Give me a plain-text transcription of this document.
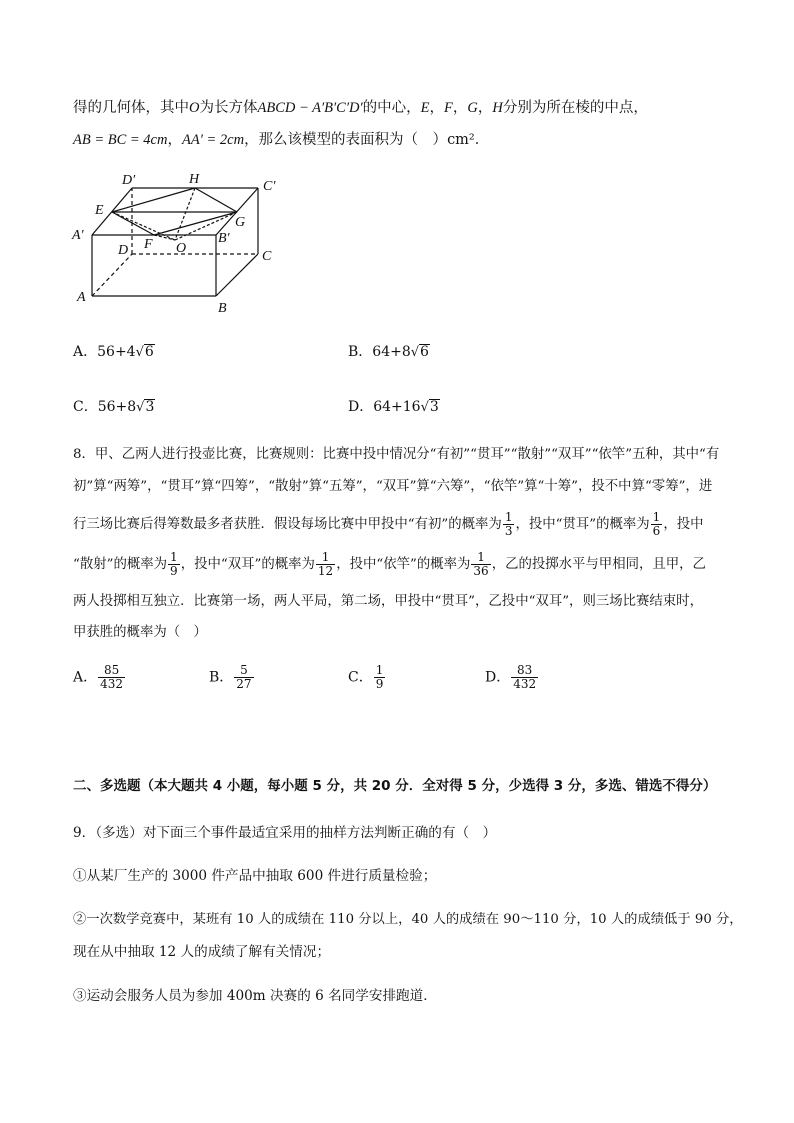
得的几何体，其中O为长方体ABCD − A′B′C′D′的中心，E，F，G，H分别为所在棱的中点，
AB = BC = 4cm，AA′ = 2cm，那么该模型的表面积为（　）cm²．
D′	H	C′
E
G
A′
D F O
B′
C
A
B
A．56+4√6	B．64+8√6
C．56+8√3	D．64+16√3
8．甲、乙两人进行投壶比赛，比赛规则：比赛中投中情况分“有初”“贯耳”“散射”“双耳”“依竿”五种，其中“有
初”算“两筹”，“贯耳”算“四筹”，“散射”算“五筹”，“双耳”算“六筹”，“依竿”算“十筹”，投不中算“零筹”，进
行三场比赛后得筹数最多者获胜．假设每场比赛中甲投中“有初”的概率为 $\frac{1}{3}$ ，投中“贯耳”的概率为 $\frac{1}{6}$ ，投中
“散射”的概率为 $\frac{1}{9}$ ，投中“双耳”的概率为 $\frac{1}{12}$ ，投中“依竿”的概率为 $\frac{1}{36}$ ，乙的投掷水平与甲相同，且甲，乙
两人投掷相互独立．比赛第一场，两人平局，第二场，甲投中“贯耳”，乙投中“双耳”，则三场比赛结束时，
甲获胜的概率为（　）
A． $\frac{85}{432}$	B． $\frac{5}{27}$	C． $\frac{1}{9}$	D． $\frac{83}{432}$
二、多选题（本大题共 4 小题，每小题 5 分，共 20 分．全对得 5 分，少选得 3 分，多选、错选不得分）
9．（多选）对下面三个事件最适宜采用的抽样方法判断正确的有（　）
①从某厂生产的 3000 件产品中抽取 600 件进行质量检验；
②一次数学竞赛中，某班有 10 人的成绩在 110 分以上，40 人的成绩在 90～110 分，10 人的成绩低于 90 分，
现在从中抽取 12 人的成绩了解有关情况；
③运动会服务人员为参加 400m 决赛的 6 名同学安排跑道．
